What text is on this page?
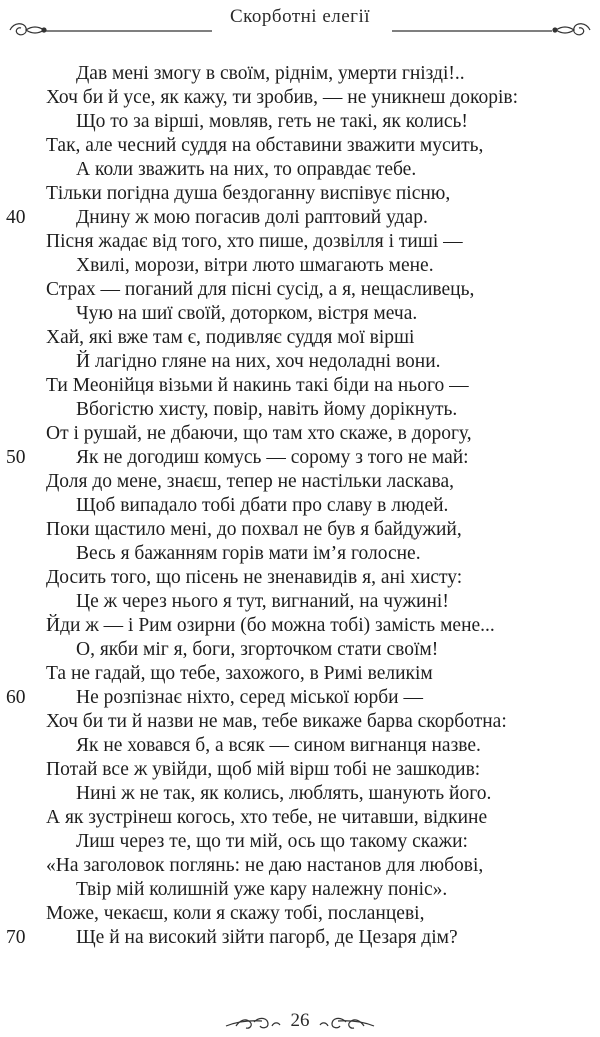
Скорботні елегії
Дав мені змогу в своїм, ріднім, умерти гнізді!..
Хоч би й усе, як кажу, ти зробив, — не уникнеш докорів:
Що то за вірші, мовляв, геть не такі, як колись!
Так, але чесний суддя на обставини зважити мусить,
А коли зважить на них, то оправдає тебе.
Тільки погідна душа бездоганну виспівує пісню,
40	Днину ж мою погасив долі раптовий удар.
Пісня жадає від того, хто пише, дозвілля і тиші —
Хвилі, морози, вітри люто шмагають мене.
Страх — поганий для пісні сусід, а я, нещасливець,
Чую на шиї своїй, доторком, вістря меча.
Хай, які вже там є, подивляє суддя мої вірші
Й лагідно гляне на них, хоч недоладні вони.
Ти Меонійця візьми й накинь такі біди на нього —
Вбогістю хисту, повір, навіть йому дорікнуть.
От і рушай, не дбаючи, що там хто скаже, в дорогу,
50	Як не догодиш комусь — сорому з того не май:
Доля до мене, знаєш, тепер не настільки ласкава,
Щоб випадало тобі дбати про славу в людей.
Поки щастило мені, до похвал не був я байдужий,
Весь я бажанням горів мати ім’я голосне.
Досить того, що пісень не зненавидів я, ані хисту:
Це ж через нього я тут, вигнаний, на чужині!
Йди ж — і Рим озирни (бо можна тобі) замість мене...
О, якби міг я, боги, згорточком стати своїм!
Та не гадай, що тебе, захожого, в Римі великім
60	Не розпізнає ніхто, серед міської юрби —
Хоч би ти й назви не мав, тебе викаже барва скорботна:
Як не ховався б, а всяк — сином вигнанця назве.
Потай все ж увійди, щоб мій вірш тобі не зашкодив:
Нині ж не так, як колись, люблять, шанують його.
А як зустрінеш когось, хто тебе, не читавши, відкине
Лиш через те, що ти мій, ось що такому скажи:
«На заголовок поглянь: не даю настанов для любові,
Твір мій колишній уже кару належну поніс».
Може, чекаєш, коли я скажу тобі, посланцеві,
70	Ще й на високий зійти пагорб, де Цезаря дім?
26
